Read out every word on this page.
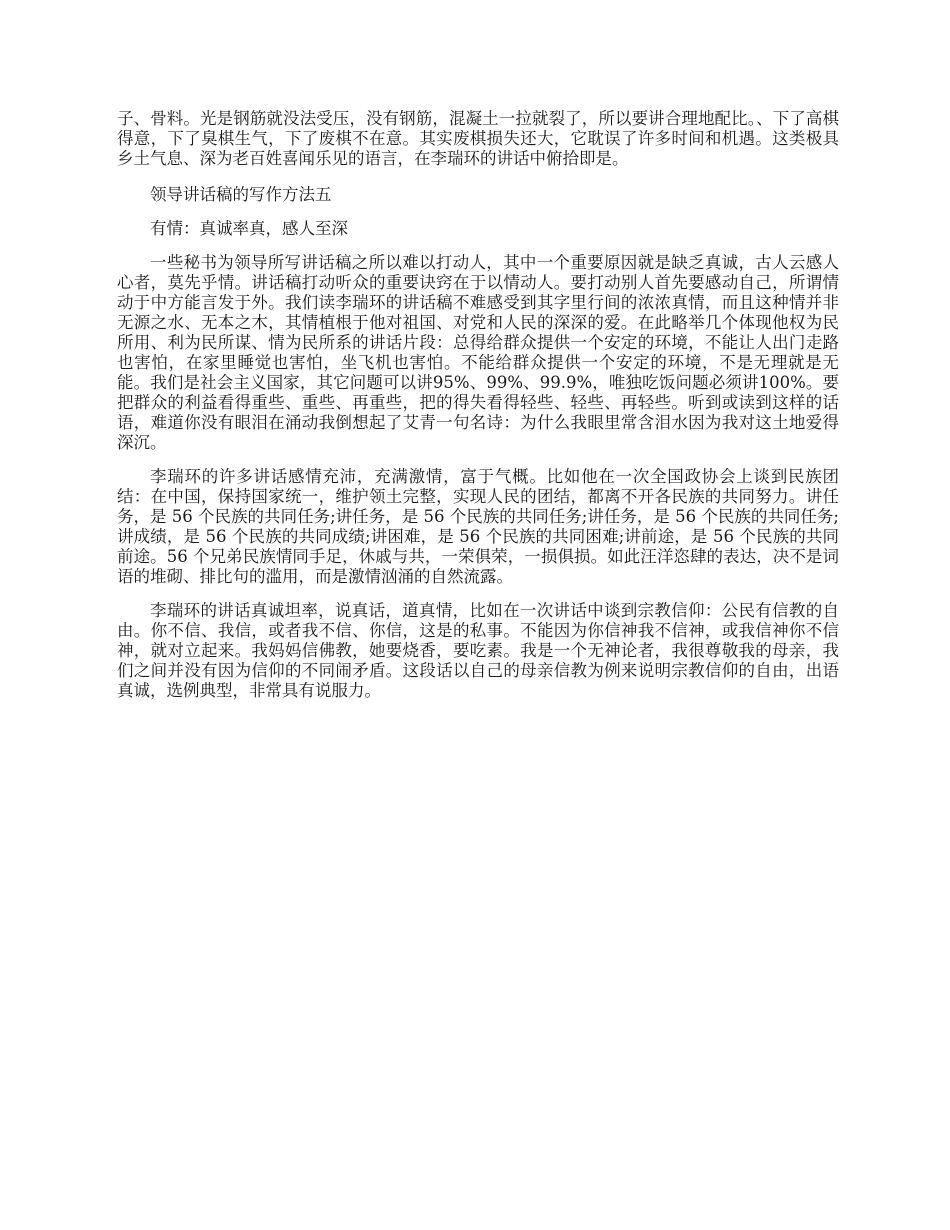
子、骨料。光是钢筋就没法受压，没有钢筋，混凝土一拉就裂了，所以要讲合理地配比。、下了高棋得意，下了臭棋生气，下了废棋不在意。其实废棋损失还大，它耽误了许多时间和机遇。这类极具乡土气息、深为老百姓喜闻乐见的语言，在李瑞环的讲话中俯拾即是。

领导讲话稿的写作方法五

有情：真诚率真，感人至深

一些秘书为领导所写讲话稿之所以难以打动人，其中一个重要原因就是缺乏真诚，古人云感人心者，莫先乎情。讲话稿打动听众的重要诀窍在于以情动人。要打动别人首先要感动自己，所谓情动于中方能言发于外。我们读李瑞环的讲话稿不难感受到其字里行间的浓浓真情，而且这种情并非无源之水、无本之木，其情植根于他对祖国、对党和人民的深深的爱。在此略举几个体现他权为民所用、利为民所谋、情为民所系的讲话片段：总得给群众提供一个安定的环境，不能让人出门走路也害怕，在家里睡觉也害怕，坐飞机也害怕。不能给群众提供一个安定的环境，不是无理就是无能。我们是社会主义国家，其它问题可以讲95%、99%、99.9%，唯独吃饭问题必须讲100%。要把群众的利益看得重些、重些、再重些，把的得失看得轻些、轻些、再轻些。听到或读到这样的话语，难道你没有眼泪在涌动我倒想起了艾青一句名诗：为什么我眼里常含泪水因为我对这土地爱得深沉。

李瑞环的许多讲话感情充沛，充满激情，富于气概。比如他在一次全国政协会上谈到民族团结：在中国，保持国家统一，维护领土完整，实现人民的团结，都离不开各民族的共同努力。讲任务，是 56 个民族的共同任务;讲任务，是 56 个民族的共同任务;讲任务，是 56 个民族的共同任务;讲成绩，是 56 个民族的共同成绩;讲困难，是 56 个民族的共同困难;讲前途，是 56 个民族的共同前途。56 个兄弟民族情同手足，休戚与共，一荣俱荣，一损俱损。如此汪洋恣肆的表达，决不是词语的堆砌、排比句的滥用，而是激情汹涌的自然流露。

李瑞环的讲话真诚坦率，说真话，道真情，比如在一次讲话中谈到宗教信仰：公民有信教的自由。你不信、我信，或者我不信、你信，这是的私事。不能因为你信神我不信神，或我信神你不信神，就对立起来。我妈妈信佛教，她要烧香，要吃素。我是一个无神论者，我很尊敬我的母亲，我们之间并没有因为信仰的不同闹矛盾。这段话以自己的母亲信教为例来说明宗教信仰的自由，出语真诚，选例典型，非常具有说服力。
